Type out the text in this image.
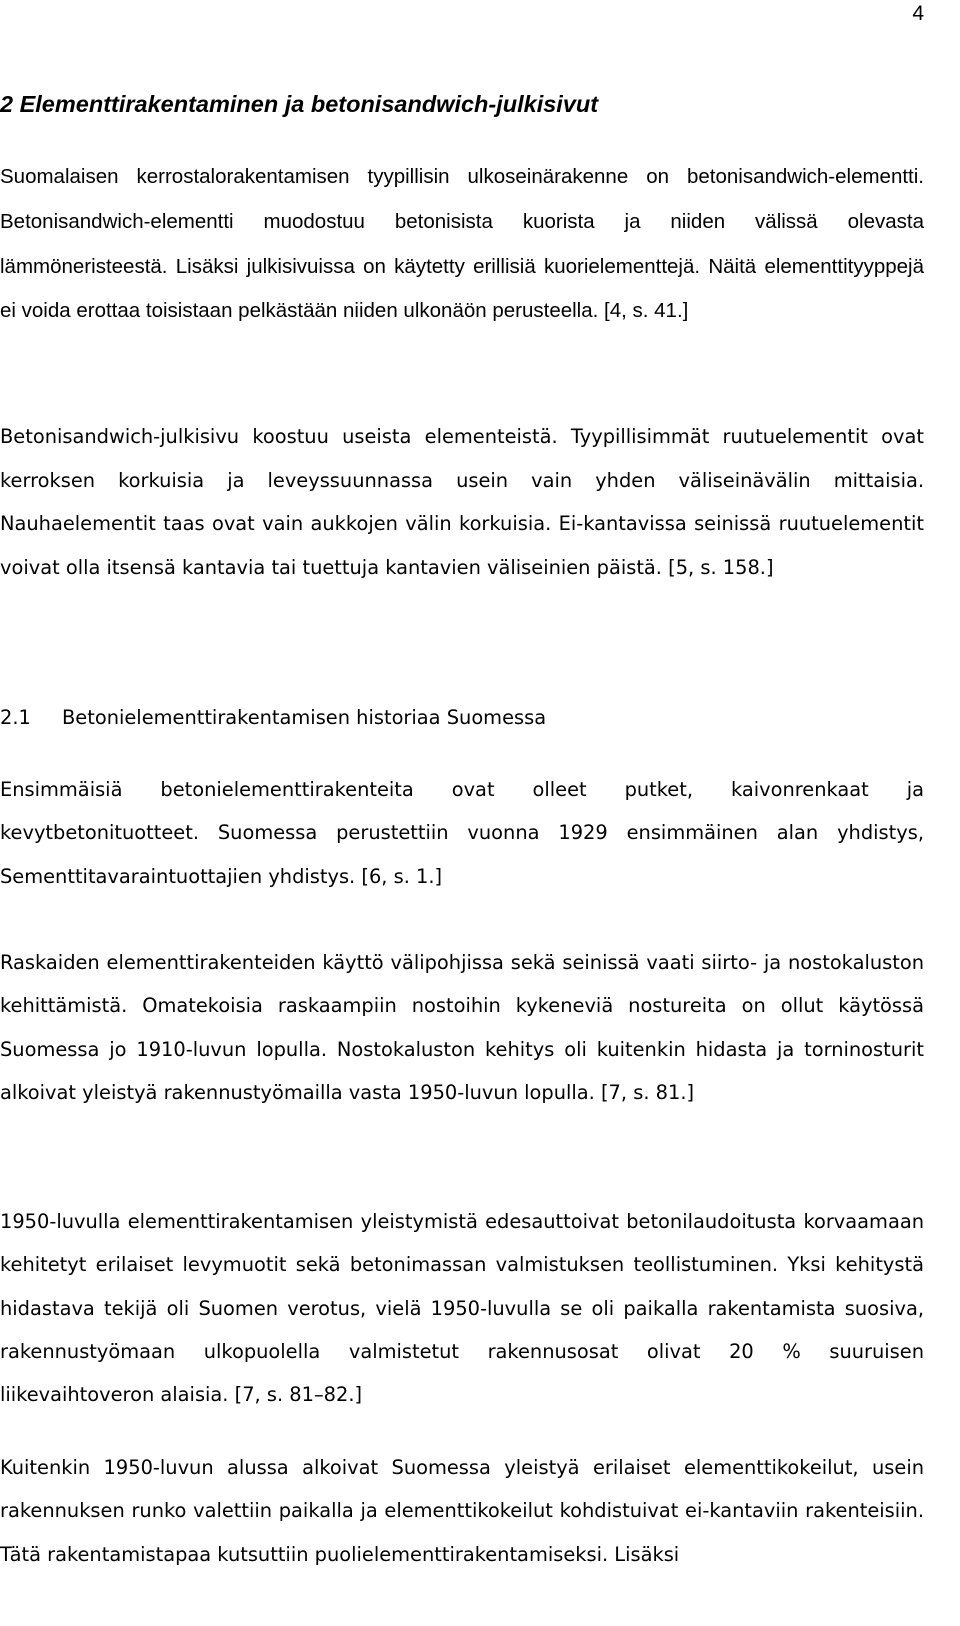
4
2 Elementtirakentaminen ja betonisandwich-julkisivut

Suomalaisen kerrostalorakentamisen tyypillisin ulkoseinärakenne on betonisandwich-elementti. Betonisandwich-elementti muodostuu betonisista kuorista ja niiden välissä olevasta lämmöneristeestä. Lisäksi julkisivuissa on käytetty erillisiä kuorielementtejä. Näitä elementtityyppejä ei voida erottaa toisistaan pelkästään niiden ulkonäön perusteella. [4, s. 41.]

Betonisandwich-julkisivu koostuu useista elementeistä. Tyypillisimmät ruutuelementit ovat kerroksen korkuisia ja leveyssuunnassa usein vain yhden väliseinävälin mittaisia. Nauhaelementit taas ovat vain aukkojen välin korkuisia. Ei-kantavissa seinissä ruutuelementit voivat olla itsensä kantavia tai tuettuja kantavien väliseinien päistä. [5, s. 158.]

2.1 Betonielementtirakentamisen historiaa Suomessa

Ensimmäisiä betonielementtirakenteita ovat olleet putket, kaivonrenkaat ja kevytbetonituotteet. Suomessa perustettiin vuonna 1929 ensimmäinen alan yhdistys, Sementtitavaraintuottajien yhdistys. [6, s. 1.]

Raskaiden elementtirakenteiden käyttö välipohjissa sekä seinissä vaati siirto- ja nostokaluston kehittämistä. Omatekoisia raskaampiin nostoihin kykeneviä nostureita on ollut käytössä Suomessa jo 1910-luvun lopulla. Nostokaluston kehitys oli kuitenkin hidasta ja torninosturit alkoivat yleistyä rakennustyömailla vasta 1950-luvun lopulla. [7, s. 81.]

1950-luvulla elementtirakentamisen yleistymistä edesauttoivat betonilaudoitusta korvaamaan kehitetyt erilaiset levymuotit sekä betonimassan valmistuksen teollistuminen. Yksi kehitystä hidastava tekijä oli Suomen verotus, vielä 1950-luvulla se oli paikalla rakentamista suosiva, rakennustyömaan ulkopuolella valmistetut rakennusosat olivat 20 % suuruisen liikevaihtoveron alaisia. [7, s. 81–82.]

Kuitenkin 1950-luvun alussa alkoivat Suomessa yleistyä erilaiset elementtikokeilut, usein rakennuksen runko valettiin paikalla ja elementtikokeilut kohdistuivat ei-kantaviin rakenteisiin. Tätä rakentamistapaa kutsuttiin puolielementtirakentamiseksi. Lisäksi
